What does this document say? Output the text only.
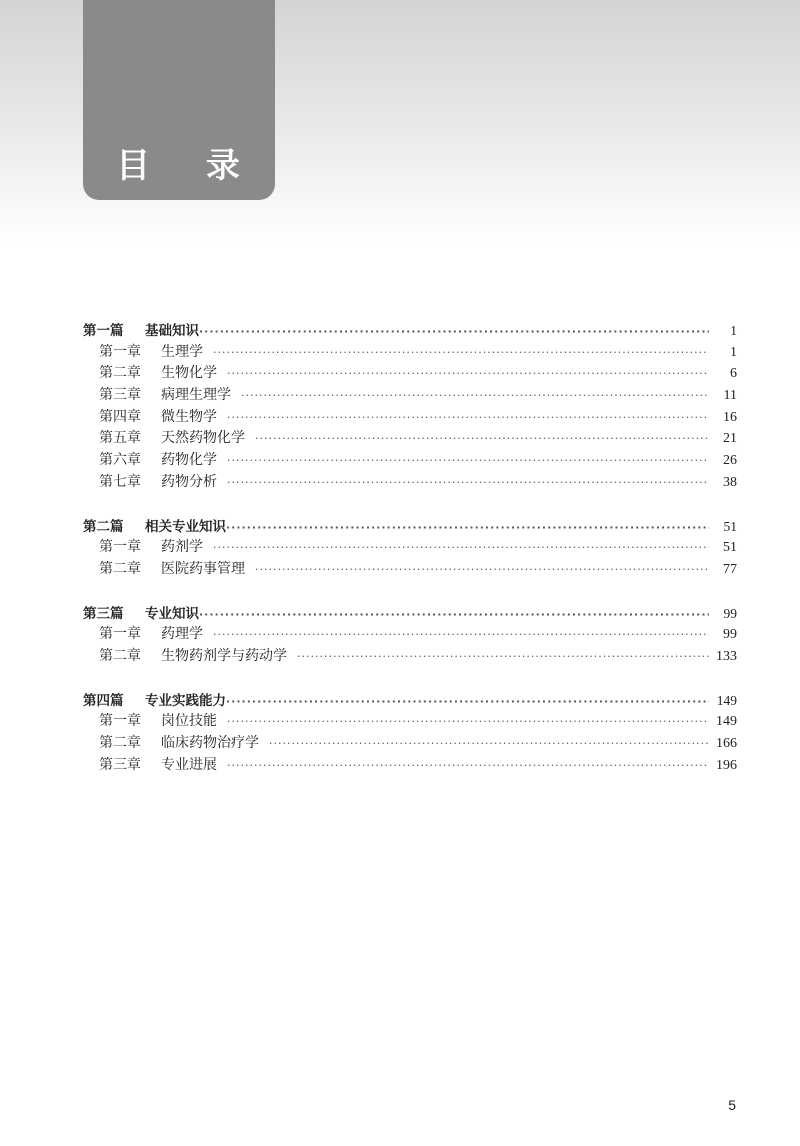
目 录
第一篇	基础知识 ·····	1
第一章	生理学 ·····	1
第二章	生物化学 ·····	6
第三章	病理生理学 ·····	11
第四章	微生物学 ·····	16
第五章	天然药物化学 ·····	21
第六章	药物化学 ·····	26
第七章	药物分析 ·····	38
第二篇	相关专业知识 ·····	51
第一章	药剂学 ·····	51
第二章	医院药事管理 ·····	77
第三篇	专业知识 ·····	99
第一章	药理学 ·····	99
第二章	生物药剂学与药动学 ·····	133
第四篇	专业实践能力 ·····	149
第一章	岗位技能 ·····	149
第二章	临床药物治疗学 ·····	166
第三章	专业进展 ·····	196
5
